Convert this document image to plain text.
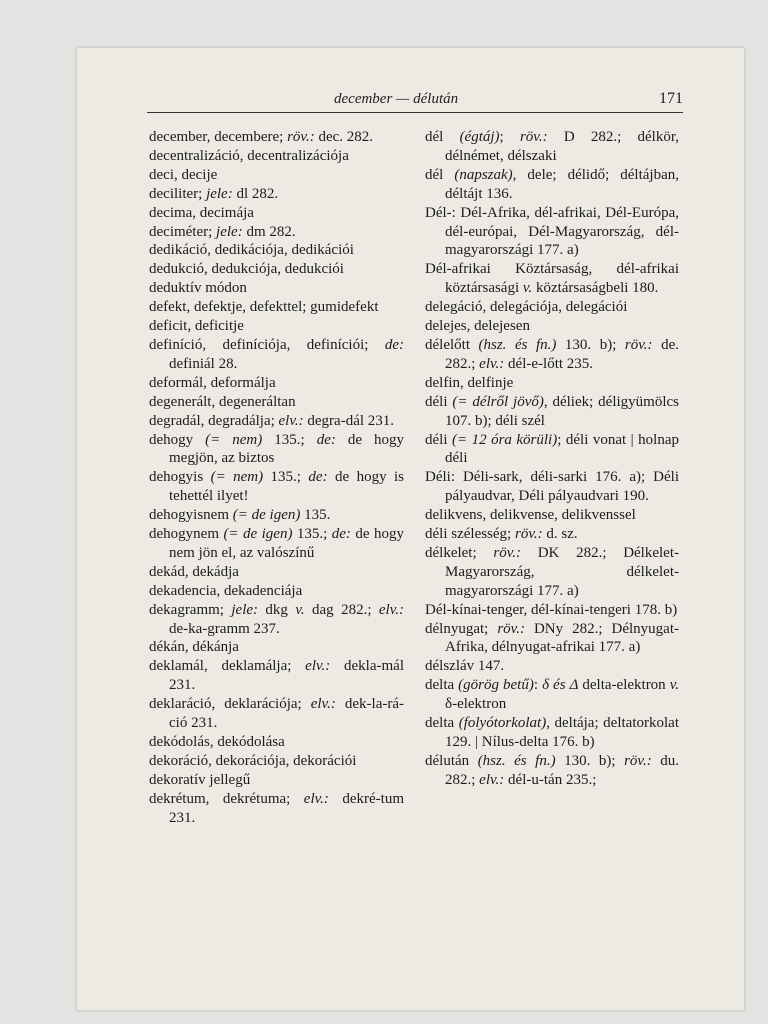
december — délután	171

december, decembere; röv.: dec. 282.

decentralizáció, decentralizációja

deci, decije

deciliter; jele: dl 282.

decima, decimája

deciméter; jele: dm 282.

dedikáció, dedikációja, dedikációi

dedukció, dedukciója, dedukciói

deduktív módon

defekt, defektje, defekttel; gumidefekt

deficit, deficitje

definíció, definíciója, definíciói; de: definiál 28.

deformál, deformálja

degenerált, degeneráltan

degradál, degradálja; elv.: degra-dál 231.

dehogy (= nem) 135.; de: de hogy megjön, az biztos

dehogyis (= nem) 135.; de: de hogy is tehettél ilyet!

dehogyisnem (= de igen) 135.

dehogynem (= de igen) 135.; de: de hogy nem jön el, az valószínű

dekád, dekádja

dekadencia, dekadenciája

dekagramm; jele: dkg v. dag 282.; elv.: de-ka-gramm 237.

dékán, dékánja

deklamál, deklamálja; elv.: dekla-mál 231.

deklaráció, deklarációja; elv.: dek-la-rá-ció 231.

dekódolás, dekódolása

dekoráció, dekorációja, dekorációi

dekoratív jellegű

dekrétum, dekrétuma; elv.: dekré-tum 231.

dél (égtáj); röv.: D 282.; délkör, délnémet, délszaki

dél (napszak), dele; délidő; déltájban, déltájt 136.

Dél-: Dél-Afrika, dél-afrikai, Dél-Európa, dél-európai, Dél-Magyarország, dél-magyarországi 177. a)

Dél-afrikai Köztársaság, dél-afrikai köztársasági v. köztársaságbeli 180.

delegáció, delegációja, delegációi

delejes, delejesen

délelőtt (hsz. és fn.) 130. b); röv.: de. 282.; elv.: dél-e-lőtt 235.

delfin, delfinje

déli (= délről jövő), déliek; déligyümölcs 107. b); déli szél

déli (= 12 óra körüli); déli vonat | holnap déli

Déli: Déli-sark, déli-sarki 176. a); Déli pályaudvar, Déli pályaudvari 190.

delikvens, delikvense, delikvenssel

déli szélesség; röv.: d. sz.

délkelet; röv.: DK 282.; Délkelet-Magyarország, délkelet-magyarországi 177. a)

Dél-kínai-tenger, dél-kínai-tengeri 178. b)

délnyugat; röv.: DNy 282.; Délnyugat-Afrika, délnyugat-afrikai 177. a)

délszláv 147.

delta (görög betű): δ és Δ delta-elektron v. δ-elektron

delta (folyótorkolat), deltája; deltatorkolat 129. | Nílus-delta 176. b)

délután (hsz. és fn.) 130. b); röv.: du. 282.; elv.: dél-u-tán 235.;
